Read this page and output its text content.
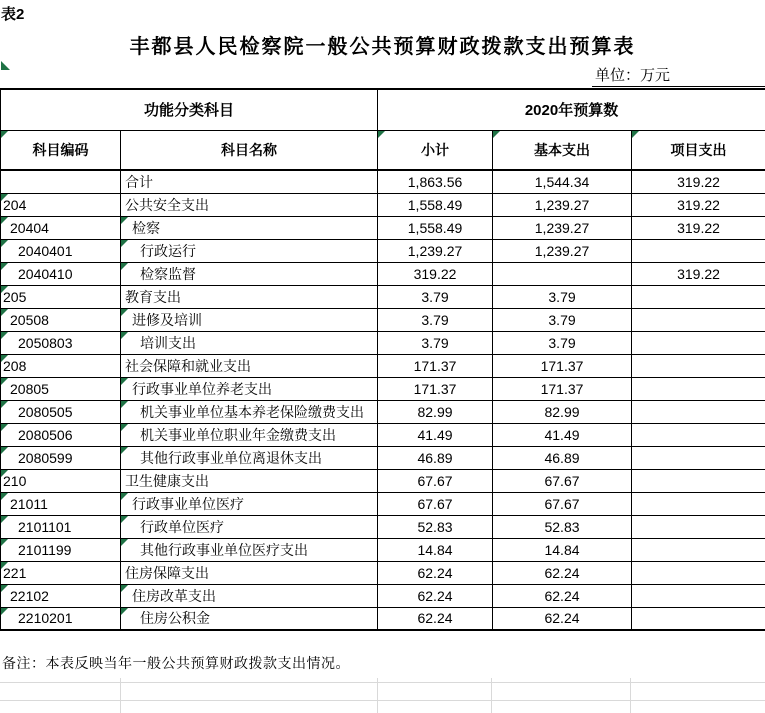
表2
丰都县人民检察院一般公共预算财政拨款支出预算表
单位：万元
功能分类科目		2020年预算数		
科目编码	科目名称	小计	基本支出	项目支出

	合计	1,863.56	1,544.34	319.22
204	公共安全支出	1,558.49	1,239.27	319.22
20404	检察	1,558.49	1,239.27	319.22
2040401	行政运行	1,239.27	1,239.27	
2040410	检察监督	319.22		319.22
205	教育支出	3.79	3.79	
20508	进修及培训	3.79	3.79	
2050803	培训支出	3.79	3.79	
208	社会保障和就业支出	171.37	171.37	
20805	行政事业单位养老支出	171.37	171.37	
2080505	机关事业单位基本养老保险缴费支出	82.99	82.99	
2080506	机关事业单位职业年金缴费支出	41.49	41.49	
2080599	其他行政事业单位离退休支出	46.89	46.89	
210	卫生健康支出	67.67	67.67	
21011	行政事业单位医疗	67.67	67.67	
2101101	行政单位医疗	52.83	52.83	
2101199	其他行政事业单位医疗支出	14.84	14.84	
221	住房保障支出	62.24	62.24	
22102	住房改革支出	62.24	62.24	
2210201	住房公积金	62.24	62.24	
备注：本表反映当年一般公共预算财政拨款支出情况。
